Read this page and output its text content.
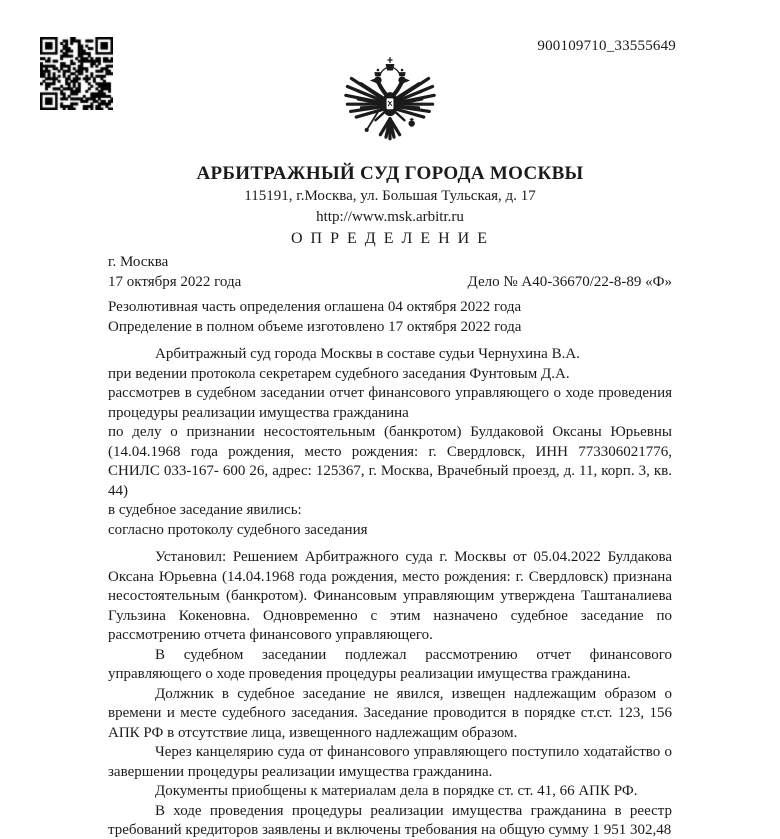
900109710_33555649
АРБИТРАЖНЫЙ СУД ГОРОДА МОСКВЫ
115191, г.Москва, ул. Большая Тульская, д. 17
http://www.msk.arbitr.ru
О П Р Е Д Е Л Е Н И Е
г. Москва
17 октября 2022 года	Дело № А40-36670/22-8-89 «Ф»
Резолютивная часть определения оглашена 04 октября 2022 года
Определение в полном объеме изготовлено 17 октября 2022 года

Арбитражный суд города Москвы в составе судьи Чернухина В.А.

при ведении протокола секретарем судебного заседания Фунтовым Д.А.

рассмотрев в судебном заседании отчет финансового управляющего о ходе проведения процедуры реализации имущества гражданина

по делу о признании несостоятельным (банкротом) Булдаковой Оксаны Юрьевны (14.04.1968 года рождения, место рождения: г. Свердловск, ИНН 773306021776, СНИЛС 033-167- 600 26, адрес: 125367, г. Москва, Врачебный проезд, д. 11, корп. 3, кв. 44)

в судебное заседание явились:

согласно протоколу судебного заседания

Установил: Решением Арбитражного суда г. Москвы от 05.04.2022 Булдакова Оксана Юрьевна (14.04.1968 года рождения, место рождения: г. Свердловск) признана несостоятельным (банкротом). Финансовым управляющим утверждена Таштаналиева Гульзина Кокеновна. Одновременно с этим назначено судебное заседание по рассмотрению отчета финансового управляющего.

В судебном заседании подлежал рассмотрению отчет финансового управляющего о ходе проведения процедуры реализации имущества гражданина.

Должник в судебное заседание не явился, извещен надлежащим образом о времени и месте судебного заседания. Заседание проводится в порядке ст.ст. 123, 156 АПК РФ в отсутствие лица, извещенного надлежащим образом.

Через канцелярию суда от финансового управляющего поступило ходатайство о завершении процедуры реализации имущества гражданина.

Документы приобщены к материалам дела в порядке ст. ст. 41, 66 АПК РФ.

В ходе проведения процедуры реализации имущества гражданина в реестр требований кредиторов заявлены и включены требования на общую сумму 1 951 302,48
